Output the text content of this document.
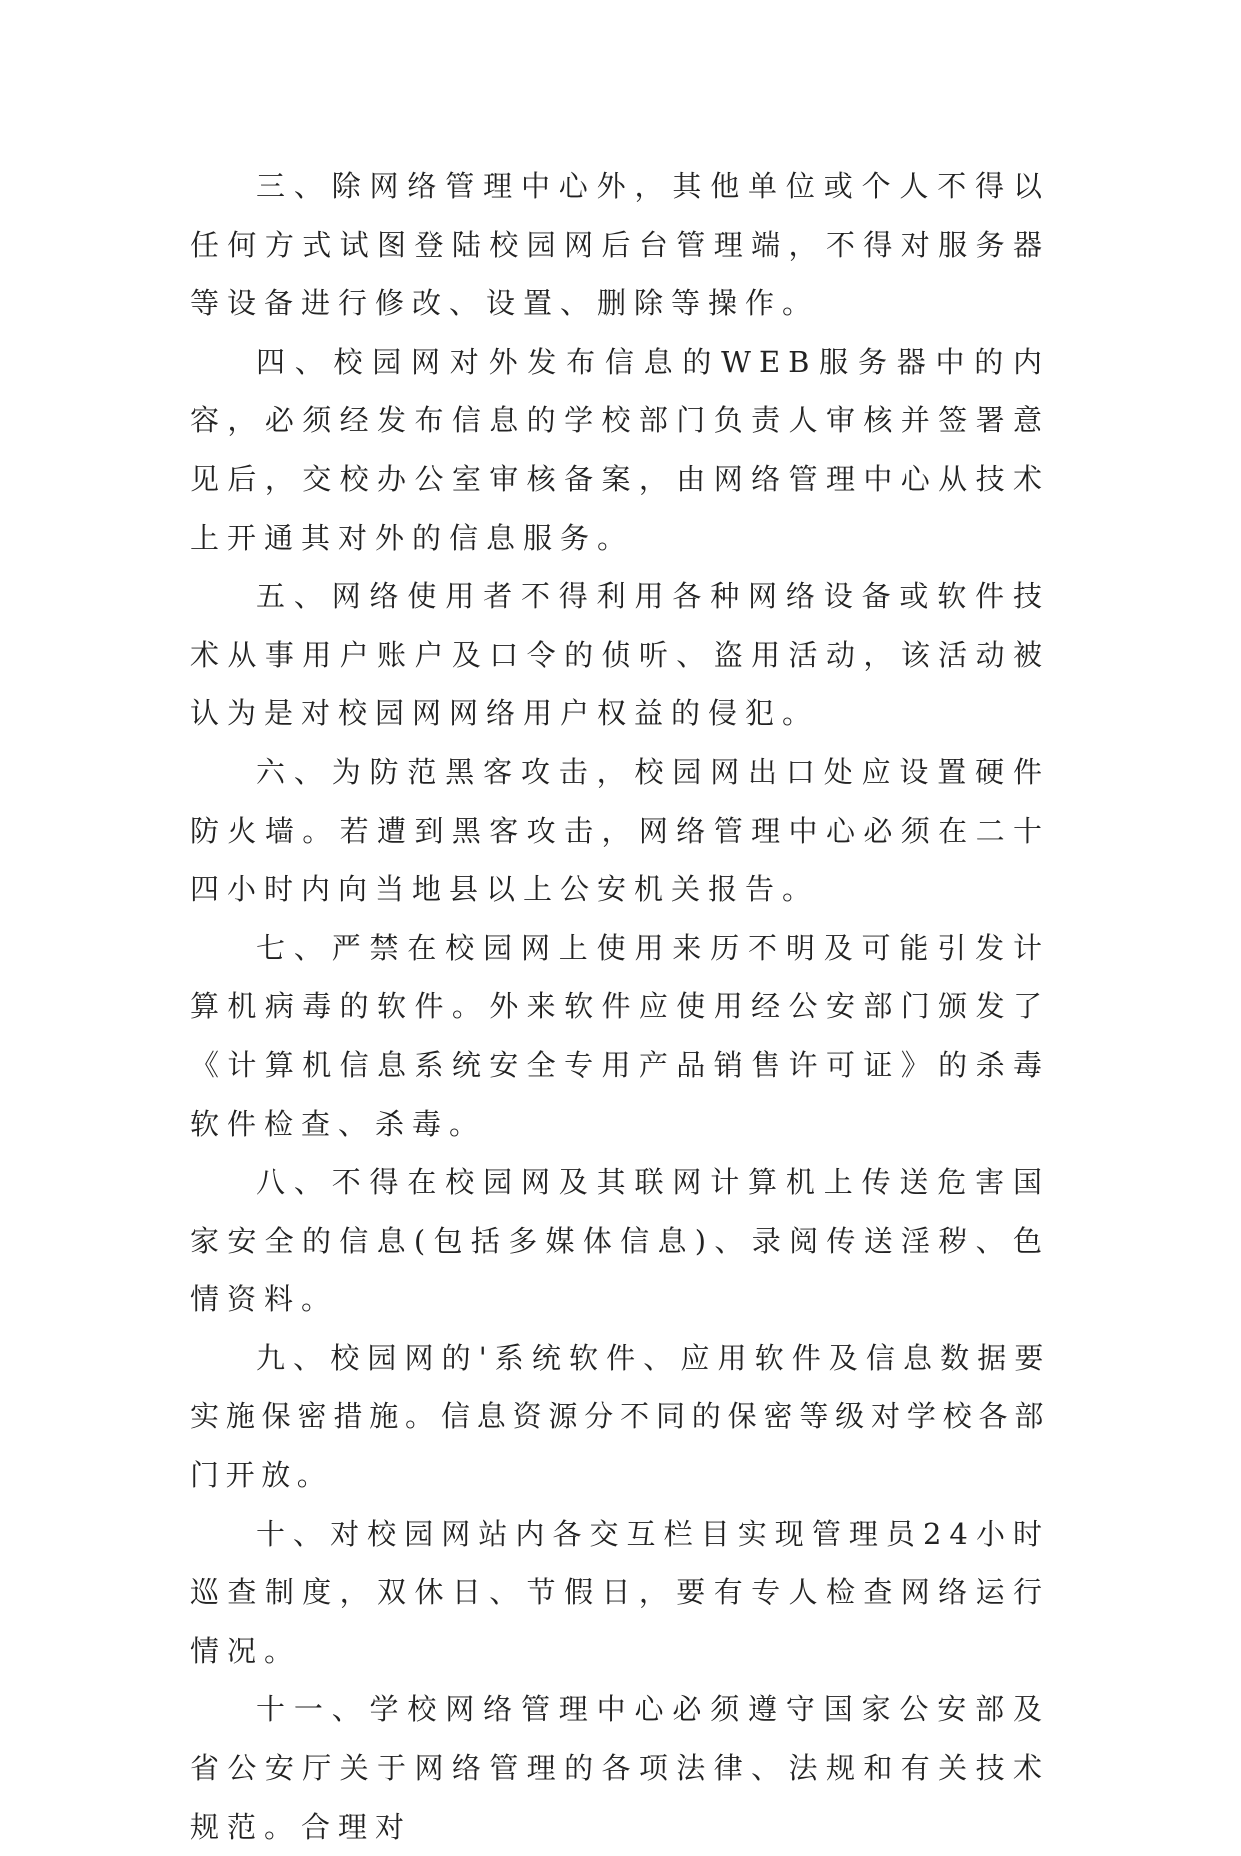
三、除网络管理中心外，其他单位或个人不得以任何方式试图登陆校园网后台管理端，不得对服务器等设备进行修改、设置、删除等操作。

四、校园网对外发布信息的WEB服务器中的内容，必须经发布信息的学校部门负责人审核并签署意见后，交校办公室审核备案，由网络管理中心从技术上开通其对外的信息服务。

五、网络使用者不得利用各种网络设备或软件技术从事用户账户及口令的侦听、盗用活动，该活动被认为是对校园网网络用户权益的侵犯。

六、为防范黑客攻击，校园网出口处应设置硬件防火墙。若遭到黑客攻击，网络管理中心必须在二十四小时内向当地县以上公安机关报告。

七、严禁在校园网上使用来历不明及可能引发计算机病毒的软件。外来软件应使用经公安部门颁发了《计算机信息系统安全专用产品销售许可证》的杀毒软件检查、杀毒。

八、不得在校园网及其联网计算机上传送危害国家安全的信息(包括多媒体信息)、录阅传送淫秽、色情资料。

九、校园网的'系统软件、应用软件及信息数据要实施保密措施。信息资源分不同的保密等级对学校各部门开放。

十、对校园网站内各交互栏目实现管理员24小时巡查制度，双休日、节假日，要有专人检查网络运行情况。

十一、学校网络管理中心必须遵守国家公安部及省公安厅关于网络管理的各项法律、法规和有关技术规范。合理对
